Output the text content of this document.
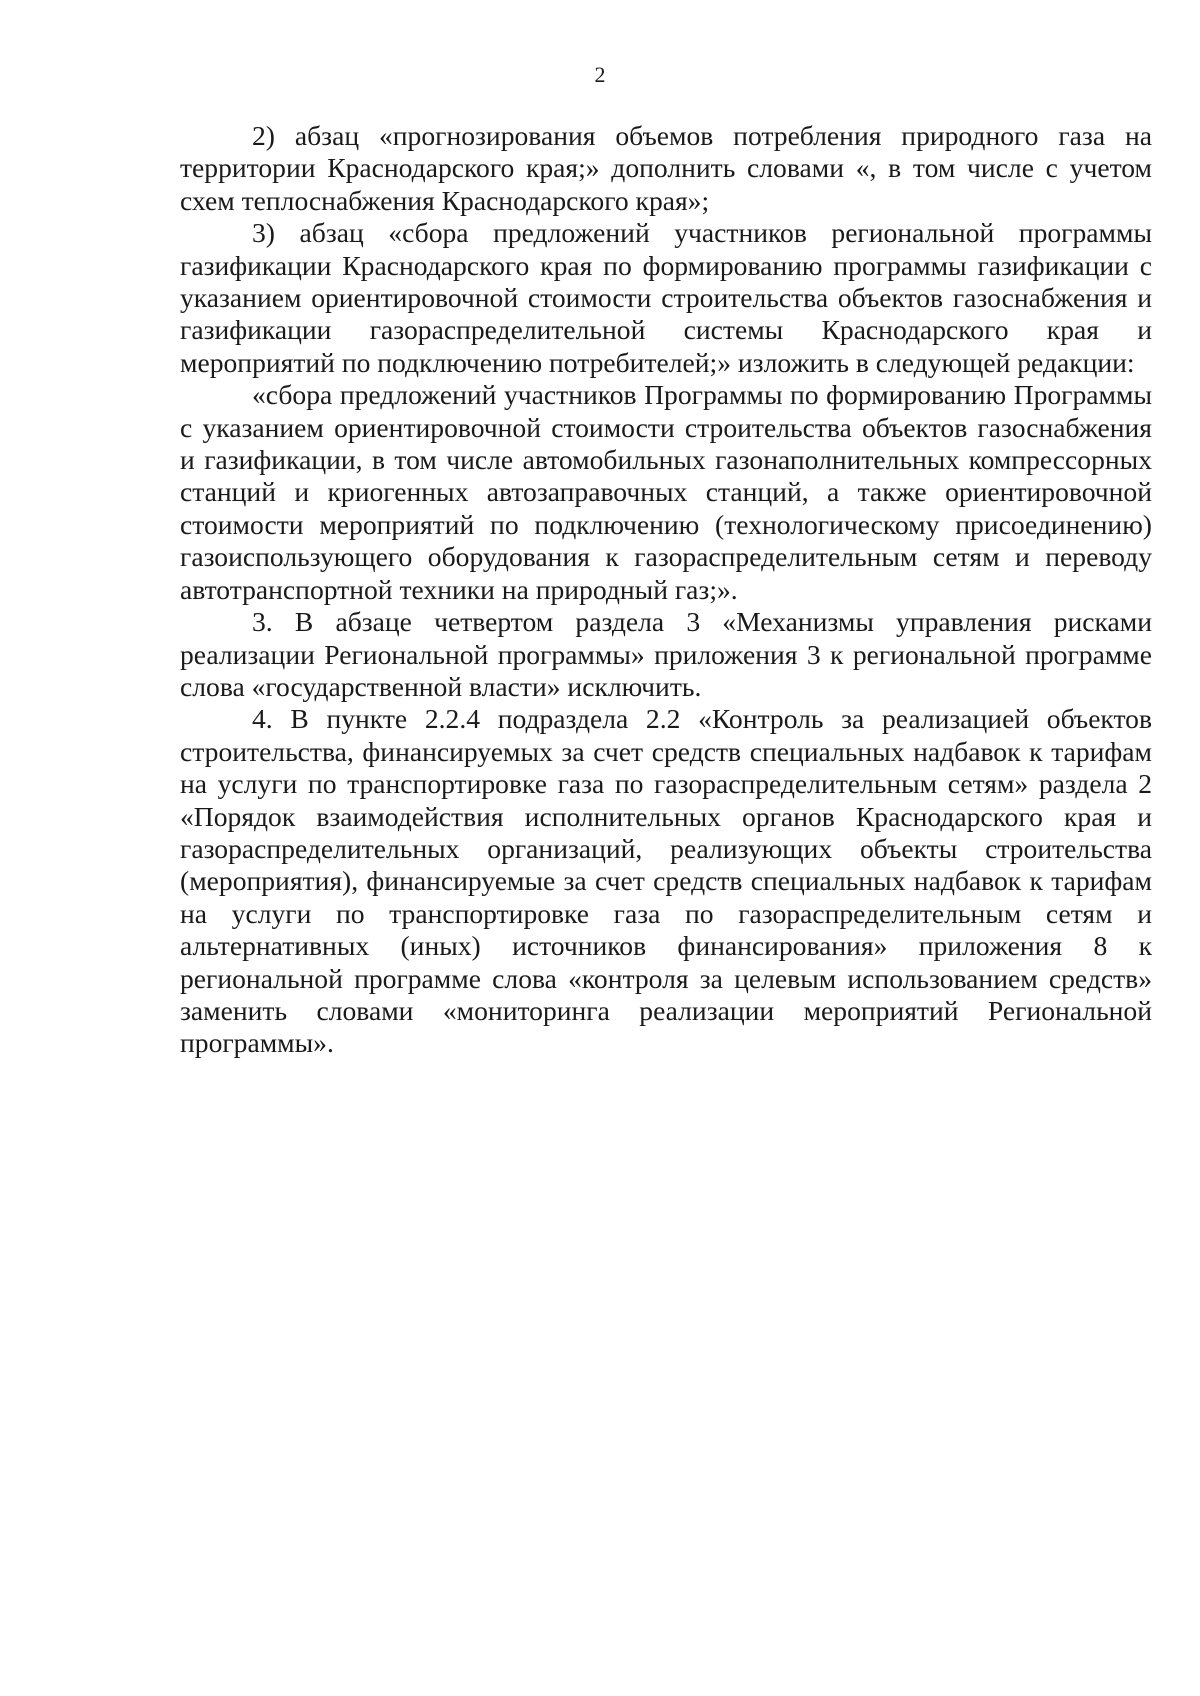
2

2) абзац «прогнозирования объемов потребления природного газа на территории Краснодарского края;» дополнить словами «, в том числе с учетом схем теплоснабжения Краснодарского края»;

3) абзац «сбора предложений участников региональной программы газификации Краснодарского края по формированию программы газификации с указанием ориентировочной стоимости строительства объектов газоснабжения и газификации газораспределительной системы Краснодарского края и мероприятий по подключению потребителей;» изложить в следующей редакции:

«сбора предложений участников Программы по формированию Программы с указанием ориентировочной стоимости строительства объектов газоснабжения и газификации, в том числе автомобильных газонаполнительных компрессорных станций и криогенных автозаправочных станций, а также ориентировочной стоимости мероприятий по подключению (технологическому присоединению) газоиспользующего оборудования к газораспределительным сетям и переводу автотранспортной техники на природный газ;».

3. В абзаце четвертом раздела 3 «Механизмы управления рисками реализации Региональной программы» приложения 3 к региональной программе слова «государственной власти» исключить.

4. В пункте 2.2.4 подраздела 2.2 «Контроль за реализацией объектов строительства, финансируемых за счет средств специальных надбавок к тарифам на услуги по транспортировке газа по газораспределительным сетям» раздела 2 «Порядок взаимодействия исполнительных органов Краснодарского края и газораспределительных организаций, реализующих объекты строительства (мероприятия), финансируемые за счет средств специальных надбавок к тарифам на услуги по транспортировке газа по газораспределительным сетям и альтернативных (иных) источников финансирования» приложения 8 к региональной программе слова «контроля за целевым использованием средств» заменить словами «мониторинга реализации мероприятий Региональной программы».
